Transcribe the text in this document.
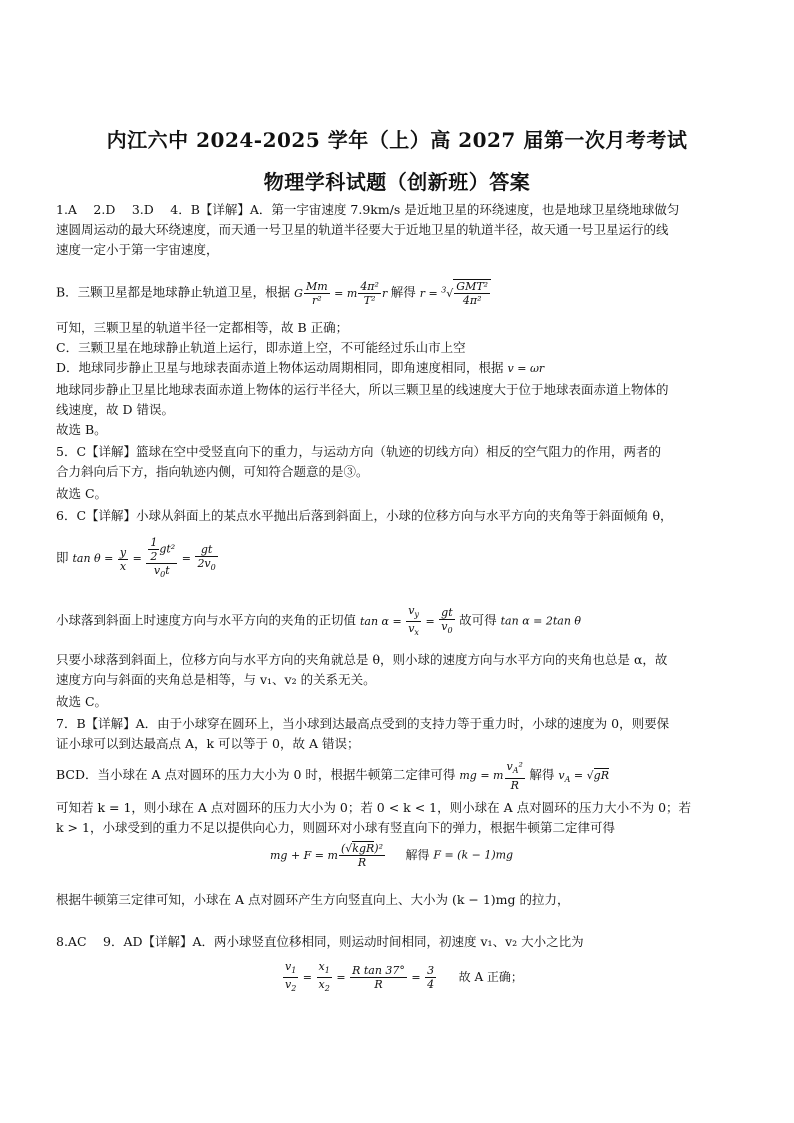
内江六中 2024-2025 学年（上）高 2027 届第一次月考考试
物理学科试题（创新班）答案
1.A　 2.D　 3.D　 4．B【详解】A．第一宇宙速度 7.9km/s 是近地卫星的环绕速度，也是地球卫星绕地球做匀
速圆周运动的最大环绕速度，而天通一号卫星的轨道半径要大于近地卫星的轨道半径，故天通一号卫星运行的线
速度一定小于第一宇宙速度，
B．三颗卫星都是地球静止轨道卫星，根据 G $\frac{Mm}{\text{r²}} = m \frac{\text{4π²}}{\text{T²}}$ r 解得 $r = ^3√ \frac{\text{GMT²}}{\text{4π²}}$
可知，三颗卫星的轨道半径一定都相等，故 B 正确；
C．三颗卫星在地球静止轨道上运行，即赤道上空，不可能经过乐山市上空
D．地球同步静止卫星与地球表面赤道上物体运动周期相同，即角速度相同，根据 v = ωr
地球同步静止卫星比地球表面赤道上物体的运行半径大，所以三颗卫星的线速度大于位于地球表面赤道上物体的
线速度，故 D 错误。
故选 B。
5．C【详解】篮球在空中受竖直向下的重力，与运动方向（轨迹的切线方向）相反的空气阻力的作用，两者的
合力斜向后下方，指向轨迹内侧，可知符合题意的是③。
故选 C。
6．C【详解】小球从斜面上的某点水平抛出后落到斜面上，小球的位移方向与水平方向的夹角等于斜面倾角 θ，
即 $\tan \theta = \frac{y}{x} = \frac{\frac{1}{2} gt^2}{v_0t} = \frac{gt}{2v_0}$
小球落到斜面上时速度方向与水平方向的夹角的正切值 $\tan \alpha = \frac{v_y}{v_x} = \frac{gt}{v_0}$ 故可得 tan α = 2tan θ
只要小球落到斜面上，位移方向与水平方向的夹角就总是 θ，则小球的速度方向与水平方向的夹角也总是 α，故
速度方向与斜面的夹角总是相等，与 v₁、v₂ 的关系无关。
故选 C。
7．B【详解】A．由于小球穿在圆环上，当小球到达最高点受到的支持力等于重力时，小球的速度为 0，则要保
证小球可以到达最高点 A，k 可以等于 0，故 A 错误；
BCD．当小球在 A 点对圆环的压力大小为 0 时，根据牛顿第二定律可得 mg = m $\frac{v_A^2}{R}$ 解得 $v_A = √gR$
可知若 k = 1，则小球在 A 点对圆环的压力大小为 0；若 0 < k < 1，则小球在 A 点对圆环的压力大小不为 0；若
k > 1，小球受到的重力不足以提供向心力，则圆环对小球有竖直向下的弹力，根据牛顿第二定律可得
mg + F = m $\frac{\text{(√kgR)²}}{R}$ 解得 F = (k − 1)mg
根据牛顿第三定律可知，小球在 A 点对圆环产生方向竖直向上、大小为 (k − 1)mg 的拉力，
8.AC　 9．AD【详解】A．两小球竖直位移相同，则运动时间相同，初速度 v₁、v₂ 大小之比为
$\frac{v_1}{v_2} = \frac{x_1}{x_2} = \frac{\text{R tan 37°}}{R} = \frac{3}{4}$ 故 A 正确；
